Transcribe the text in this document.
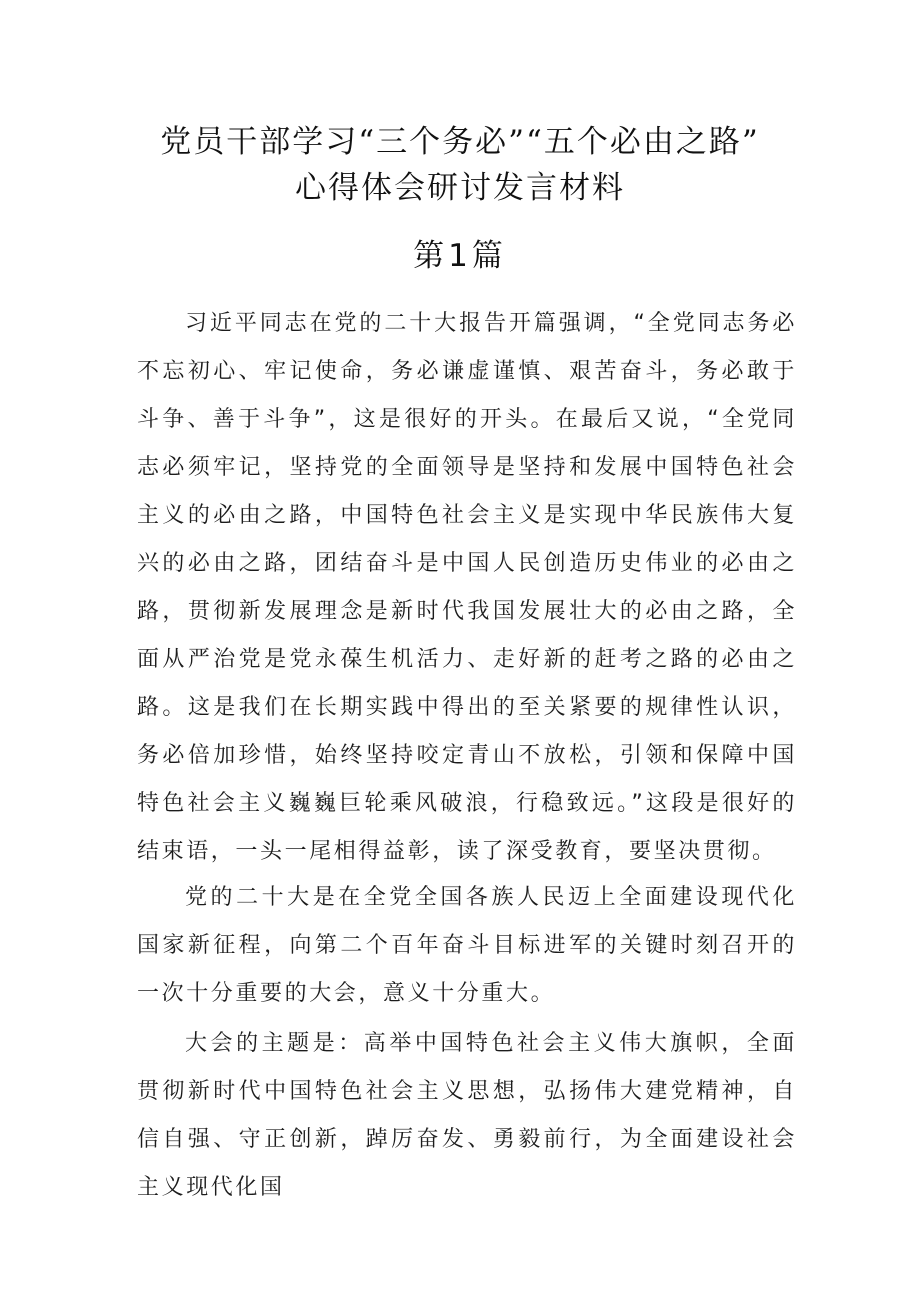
党员干部学习“三个务必”“五个必由之路”
心得体会研讨发言材料
第1篇

习近平同志在党的二十大报告开篇强调，“全党同志务必不忘初心、牢记使命，务必谦虚谨慎、艰苦奋斗，务必敢于斗争、善于斗争”，这是很好的开头。在最后又说，“全党同志必须牢记，坚持党的全面领导是坚持和发展中国特色社会主义的必由之路，中国特色社会主义是实现中华民族伟大复兴的必由之路，团结奋斗是中国人民创造历史伟业的必由之路，贯彻新发展理念是新时代我国发展壮大的必由之路，全面从严治党是党永葆生机活力、走好新的赶考之路的必由之路。这是我们在长期实践中得出的至关紧要的规律性认识，务必倍加珍惜，始终坚持咬定青山不放松，引领和保障中国特色社会主义巍巍巨轮乘风破浪，行稳致远。”这段是很好的结束语，一头一尾相得益彰，读了深受教育，要坚决贯彻。

党的二十大是在全党全国各族人民迈上全面建设现代化国家新征程，向第二个百年奋斗目标进军的关键时刻召开的一次十分重要的大会，意义十分重大。

大会的主题是：高举中国特色社会主义伟大旗帜，全面贯彻新时代中国特色社会主义思想，弘扬伟大建党精神，自信自强、守正创新，踔厉奋发、勇毅前行，为全面建设社会主义现代化国
